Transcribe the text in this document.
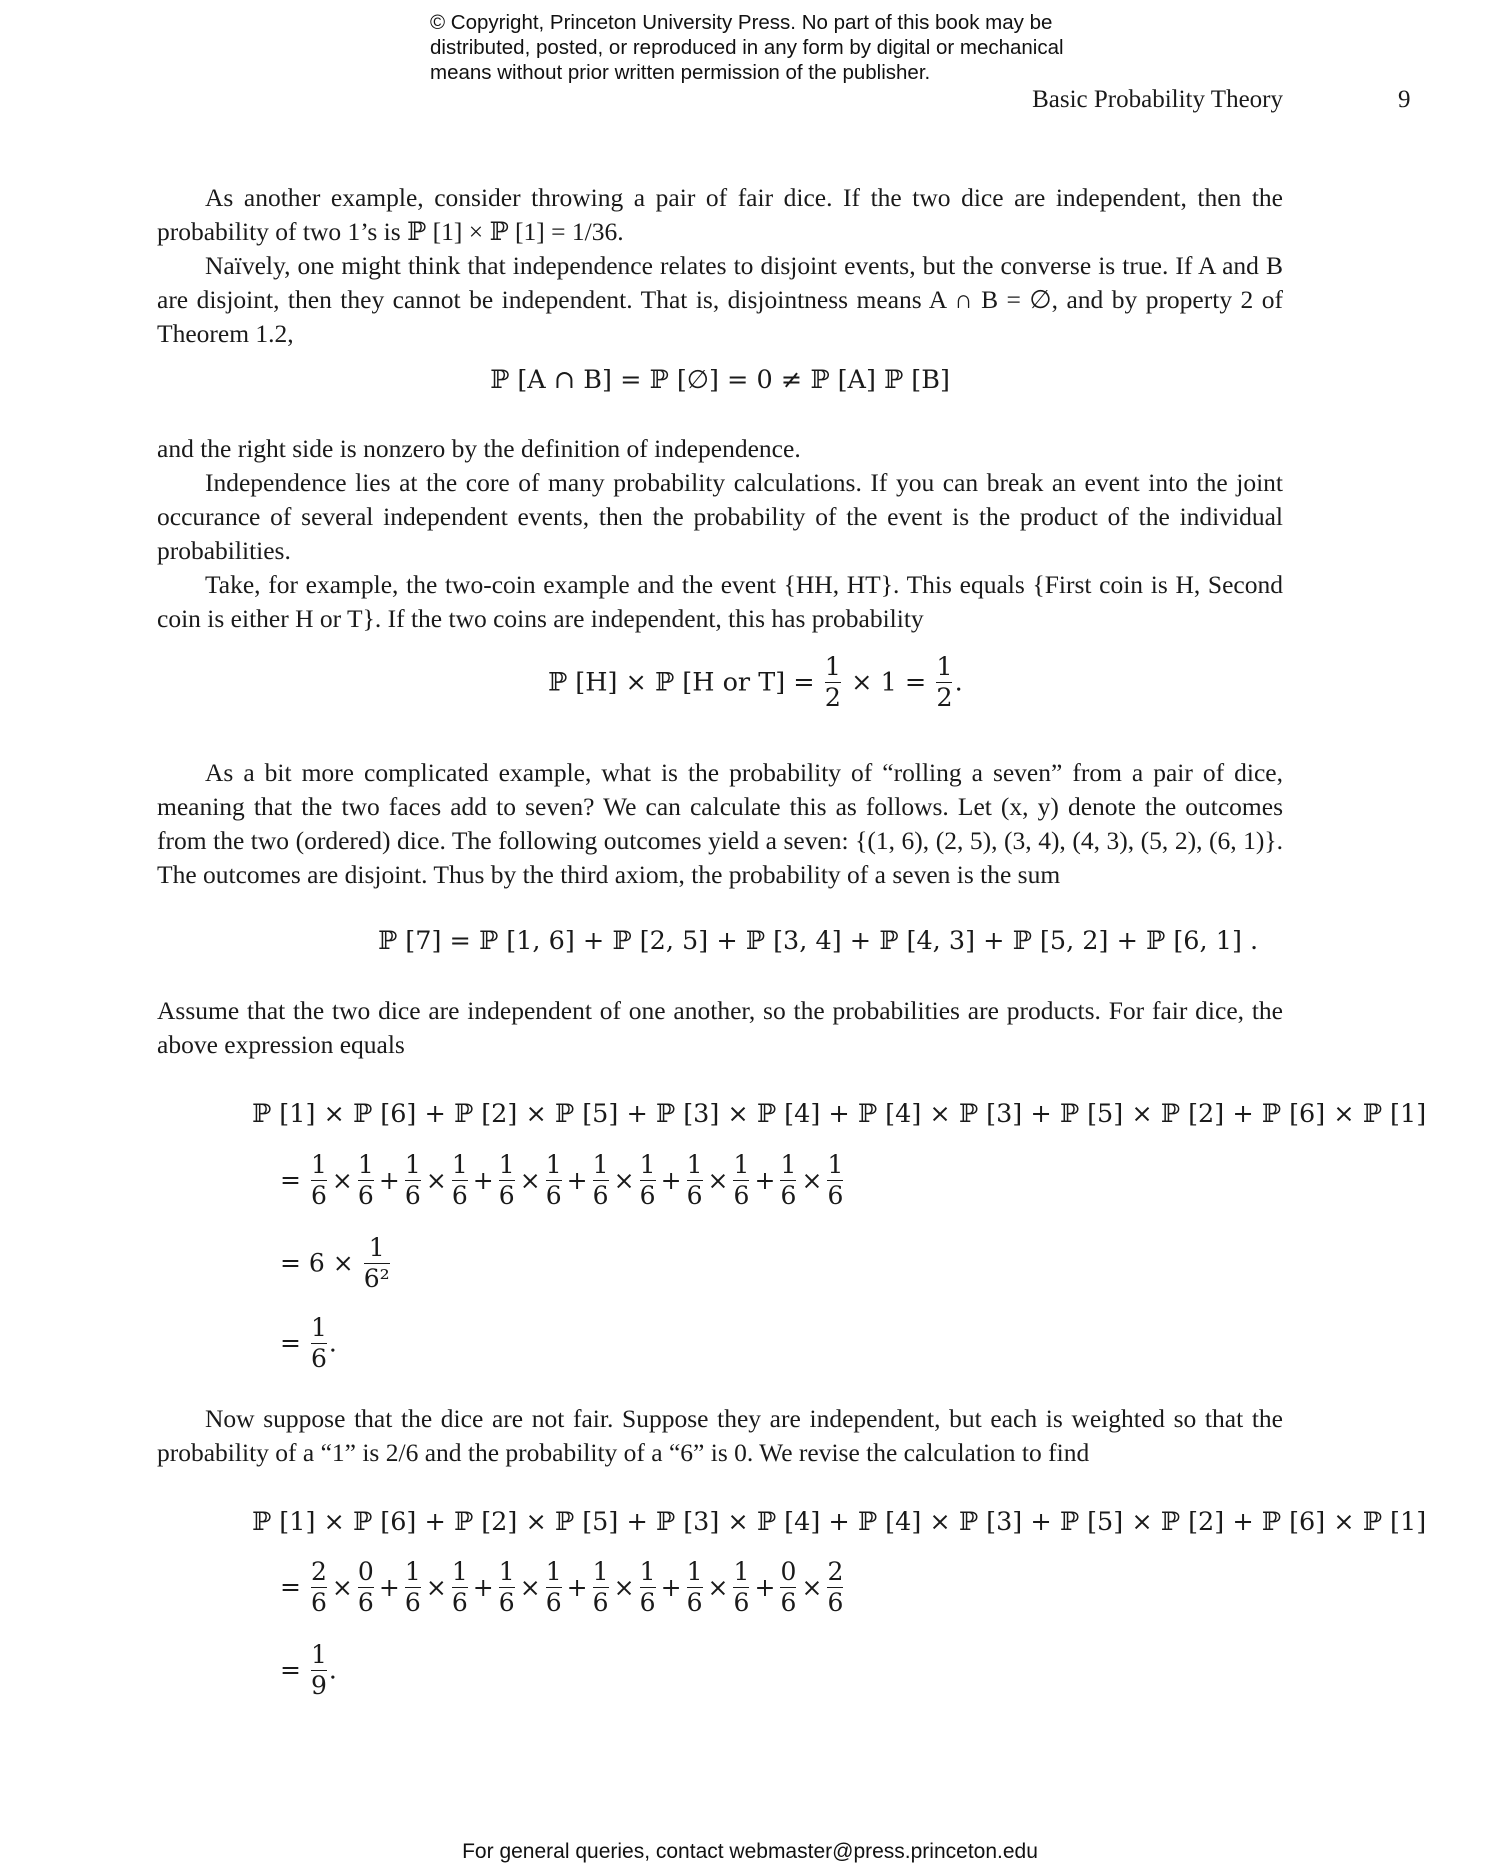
© Copyright, Princeton University Press. No part of this book may be
distributed, posted, or reproduced in any form by digital or mechanical
means without prior written permission of the publisher.
Basic Probability Theory	9
As another example, consider throwing a pair of fair dice. If the two dice are independent, then the probability of two 1’s is ℙ [1] × ℙ [1] = 1/36.
Naïvely, one might think that independence relates to disjoint events, but the converse is true. If A and B are disjoint, then they cannot be independent. That is, disjointness means A ∩ B = ∅, and by property 2 of Theorem 1.2,
ℙ [A ∩ B] = ℙ [∅] = 0 ≠ ℙ [A] ℙ [B]
and the right side is nonzero by the definition of independence.
Independence lies at the core of many probability calculations. If you can break an event into the joint occurance of several independent events, then the probability of the event is the product of the individual probabilities.
Take, for example, the two-coin example and the event {HH, HT}. This equals {First coin is H, Second coin is either H or T}. If the two coins are independent, this has probability
ℙ [H] × ℙ [H or $T] = \frac{1}{2} \times 1 = \frac{1}{2}$ .
As a bit more complicated example, what is the probability of “rolling a seven” from a pair of dice, meaning that the two faces add to seven? We can calculate this as follows. Let (x, y) denote the outcomes from the two (ordered) dice. The following outcomes yield a seven: {(1, 6), (2, 5), (3, 4), (4, 3), (5, 2), (6, 1)}. The outcomes are disjoint. Thus by the third axiom, the probability of a seven is the sum
ℙ [7] = ℙ [1, 6] + ℙ [2, 5] + ℙ [3, 4] + ℙ [4, 3] + ℙ [5, 2] + ℙ [6, 1] .
Assume that the two dice are independent of one another, so the probabilities are products. For fair dice, the above expression equals
ℙ [1] × ℙ [6] + ℙ [2] × ℙ [5] + ℙ [3] × ℙ [4] + ℙ [4] × ℙ [3] + ℙ [5] × ℙ [2] + ℙ [6] × ℙ [1]
= $\frac{1}{6} \times \frac{1}{6} + \frac{1}{6} \times \frac{1}{6} + \frac{1}{6} \times \frac{1}{6} + \frac{1}{6} \times \frac{1}{6} + \frac{1}{6} \times \frac{1}{6} + \frac{1}{6} \times \frac{1}{6}$
= $6 \times \frac{1}{\text{6²}}$
= $\frac{1}{6}$ .
Now suppose that the dice are not fair. Suppose they are independent, but each is weighted so that the probability of a “1” is 2/6 and the probability of a “6” is 0. We revise the calculation to find
ℙ [1] × ℙ [6] + ℙ [2] × ℙ [5] + ℙ [3] × ℙ [4] + ℙ [4] × ℙ [3] + ℙ [5] × ℙ [2] + ℙ [6] × ℙ [1]
= $\frac{2}{6} \times \frac{0}{6} + \frac{1}{6} \times \frac{1}{6} + \frac{1}{6} \times \frac{1}{6} + \frac{1}{6} \times \frac{1}{6} + \frac{1}{6} \times \frac{1}{6} + \frac{0}{6} \times \frac{2}{6}$
= $\frac{1}{9}$ .
For general queries, contact webmaster@press.princeton.edu
